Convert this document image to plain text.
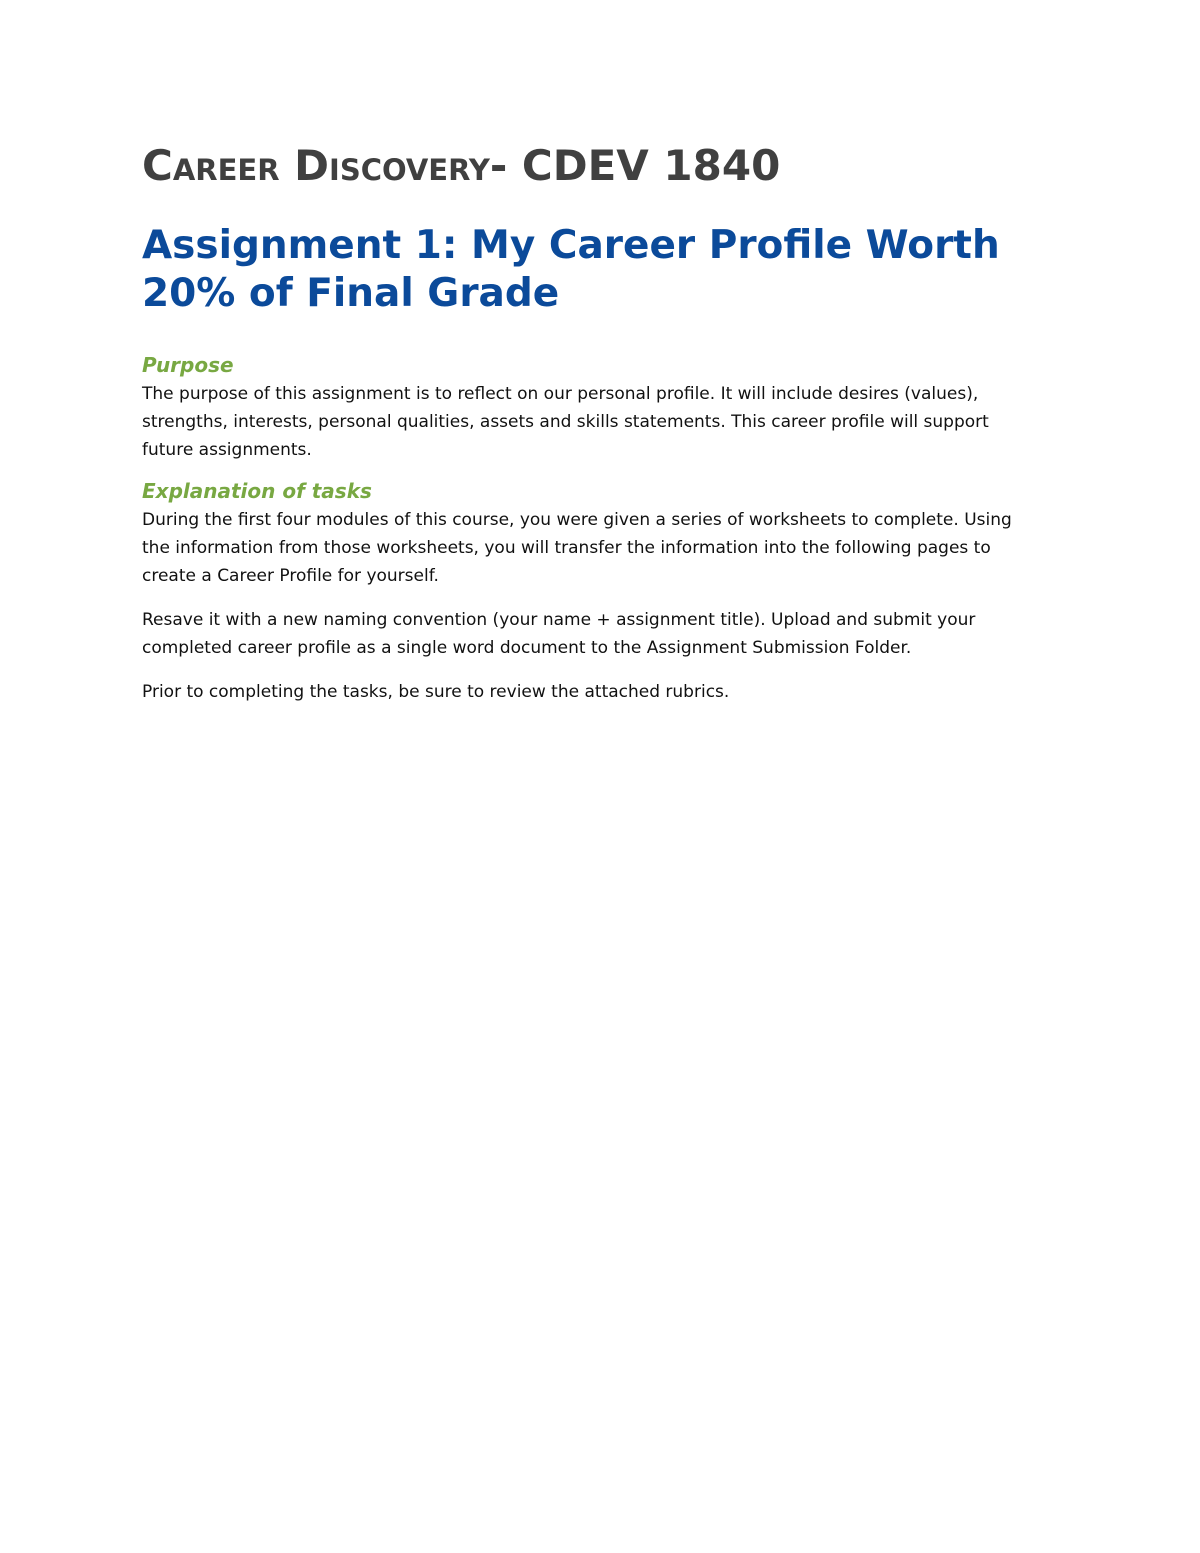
Career Discovery- CDEV 1840
Assignment 1: My Career Profile Worth 20% of Final Grade
Purpose

The purpose of this assignment is to reflect on our personal profile. It will include desires (values), strengths, interests, personal qualities, assets and skills statements. This career profile will support future assignments.

Explanation of tasks

During the first four modules of this course, you were given a series of worksheets to complete. Using the information from those worksheets, you will transfer the information into the following pages to create a Career Profile for yourself.

Resave it with a new naming convention (your name + assignment title). Upload and submit your completed career profile as a single word document to the Assignment Submission Folder.

Prior to completing the tasks, be sure to review the attached rubrics.
